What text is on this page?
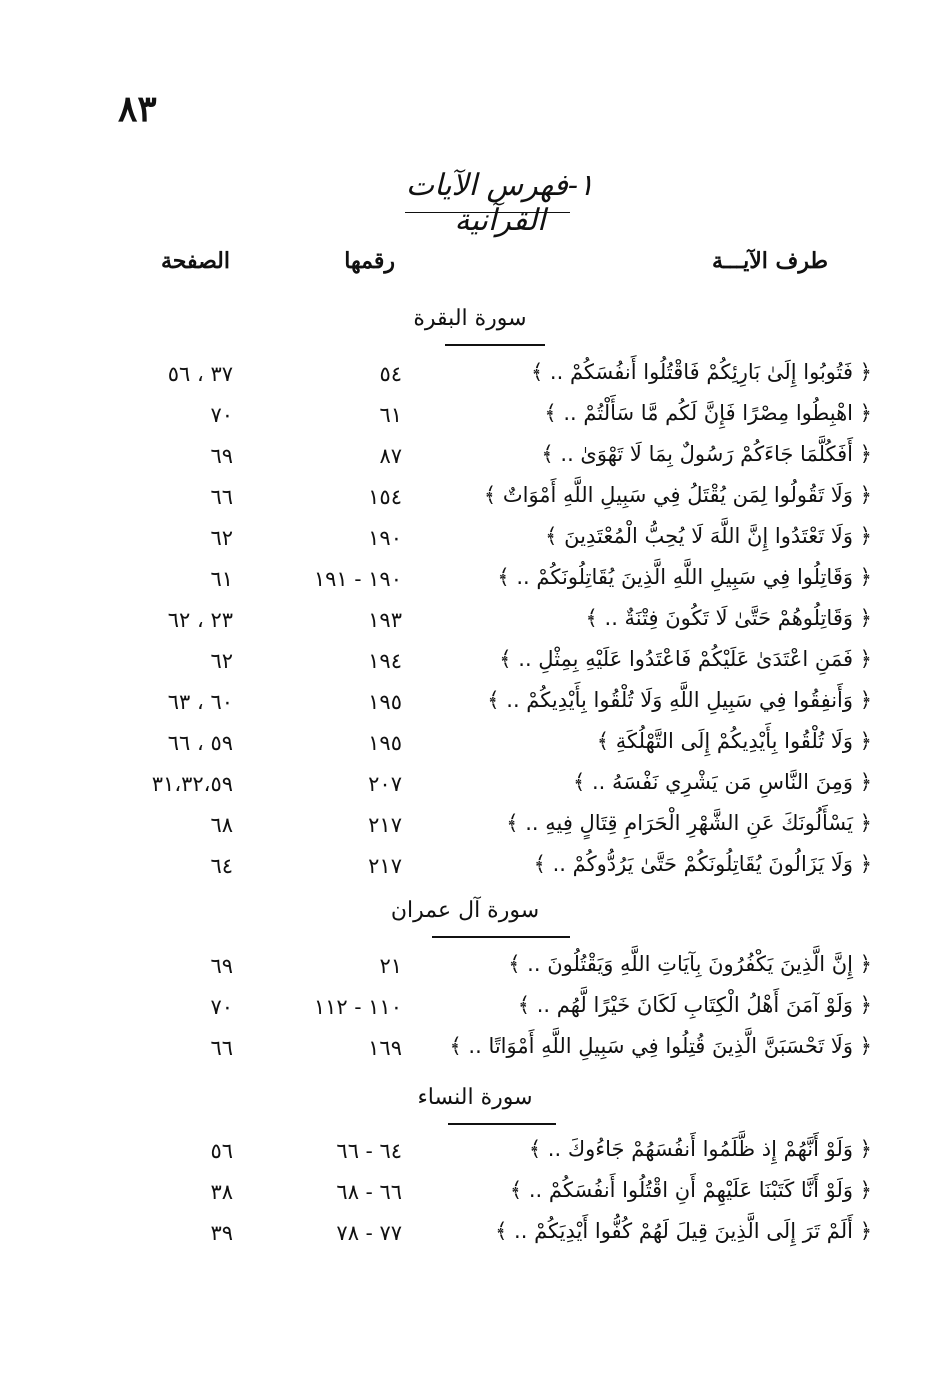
٨٣
١-فهرس الآيات القرآنية
طرف الآيـــة
رقمها
الصفحة
سورة البقرة
﴿ فَتُوبُوا إِلَىٰ بَارِئِكُمْ فَاقْتُلُوا أَنفُسَكُمْ .. ﴾
٥٤
٣٧ ، ٥٦
﴿ اهْبِطُوا مِصْرًا فَإِنَّ لَكُم مَّا سَأَلْتُمْ .. ﴾
٦١
٧٠
﴿ أَفَكُلَّمَا جَاءَكُمْ رَسُولٌ بِمَا لَا تَهْوَىٰ .. ﴾
٨٧
٦٩
﴿ وَلَا تَقُولُوا لِمَن يُقْتَلُ فِي سَبِيلِ اللَّهِ أَمْوَاتٌ ﴾
١٥٤
٦٦
﴿ وَلَا تَعْتَدُوا إِنَّ اللَّهَ لَا يُحِبُّ الْمُعْتَدِينَ ﴾
١٩٠
٦٢
﴿ وَقَاتِلُوا فِي سَبِيلِ اللَّهِ الَّذِينَ يُقَاتِلُونَكُمْ .. ﴾
١٩٠ - ١٩١
٦١
﴿ وَقَاتِلُوهُمْ حَتَّىٰ لَا تَكُونَ فِتْنَةٌ .. ﴾
١٩٣
٢٣ ، ٦٢
﴿ فَمَنِ اعْتَدَىٰ عَلَيْكُمْ فَاعْتَدُوا عَلَيْهِ بِمِثْلِ .. ﴾
١٩٤
٦٢
﴿ وَأَنفِقُوا فِي سَبِيلِ اللَّهِ وَلَا تُلْقُوا بِأَيْدِيكُمْ .. ﴾
١٩٥
٦٠ ، ٦٣
﴿ وَلَا تُلْقُوا بِأَيْدِيكُمْ إِلَى التَّهْلُكَةِ ﴾
١٩٥
٥٩ ، ٦٦
﴿ وَمِنَ النَّاسِ مَن يَشْرِي نَفْسَهُ .. ﴾
٢٠٧
٣١،٣٢،٥٩
﴿ يَسْأَلُونَكَ عَنِ الشَّهْرِ الْحَرَامِ قِتَالٍ فِيهِ .. ﴾
٢١٧
٦٨
﴿ وَلَا يَزَالُونَ يُقَاتِلُونَكُمْ حَتَّىٰ يَرُدُّوكُمْ .. ﴾
٢١٧
٦٤
سورة آل عمران
﴿ إِنَّ الَّذِينَ يَكْفُرُونَ بِآيَاتِ اللَّهِ وَيَقْتُلُونَ .. ﴾
٢١
٦٩
﴿ وَلَوْ آمَنَ أَهْلُ الْكِتَابِ لَكَانَ خَيْرًا لَّهُم .. ﴾
١١٠ - ١١٢
٧٠
﴿ وَلَا تَحْسَبَنَّ الَّذِينَ قُتِلُوا فِي سَبِيلِ اللَّهِ أَمْوَاتًا .. ﴾
١٦٩
٦٦
سورة النساء
﴿ وَلَوْ أَنَّهُمْ إِذ ظَّلَمُوا أَنفُسَهُمْ جَاءُوكَ .. ﴾
٦٤ - ٦٦
٥٦
﴿ وَلَوْ أَنَّا كَتَبْنَا عَلَيْهِمْ أَنِ اقْتُلُوا أَنفُسَكُمْ .. ﴾
٦٦ - ٦٨
٣٨
﴿ أَلَمْ تَرَ إِلَى الَّذِينَ قِيلَ لَهُمْ كُفُّوا أَيْدِيَكُمْ .. ﴾
٧٧ - ٧٨
٣٩
